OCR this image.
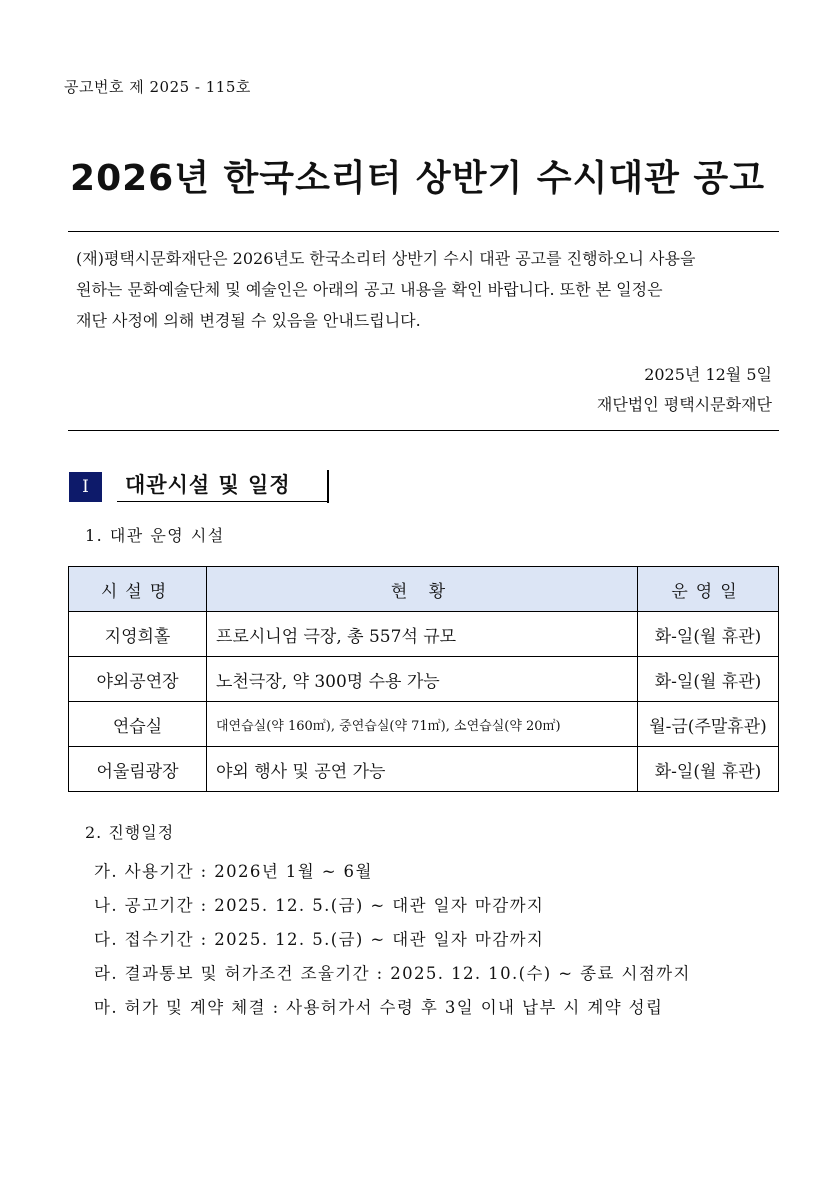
공고번호 제 2025 - 115호
2026년 한국소리터 상반기 수시대관 공고
(재)평택시문화재단은 2026년도 한국소리터 상반기 수시 대관 공고를 진행하오니 사용을
원하는 문화예술단체 및 예술인은 아래의 공고 내용을 확인 바랍니다. 또한 본 일정은
재단 사정에 의해 변경될 수 있음을 안내드립니다.
2025년 12월 5일
재단법인 평택시문화재단
I	대관시설 및 일정
1. 대관 운영 시설
시설명	현 황	운영일
지영희홀	프로시니엄 극장, 총 557석 규모	화-일(월 휴관)
야외공연장	노천극장, 약 300명 수용 가능	화-일(월 휴관)
연습실	대연습실(약 160㎡), 중연습실(약 71㎡), 소연습실(약 20㎡)	월-금(주말휴관)
어울림광장	야외 행사 및 공연 가능	화-일(월 휴관)
2. 진행일정
가. 사용기간 : 2026년 1월 ~ 6월
나. 공고기간 : 2025. 12. 5.(금) ~ 대관 일자 마감까지
다. 접수기간 : 2025. 12. 5.(금) ~ 대관 일자 마감까지
라. 결과통보 및 허가조건 조율기간 : 2025. 12. 10.(수) ~ 종료 시점까지
마. 허가 및 계약 체결 : 사용허가서 수령 후 3일 이내 납부 시 계약 성립
